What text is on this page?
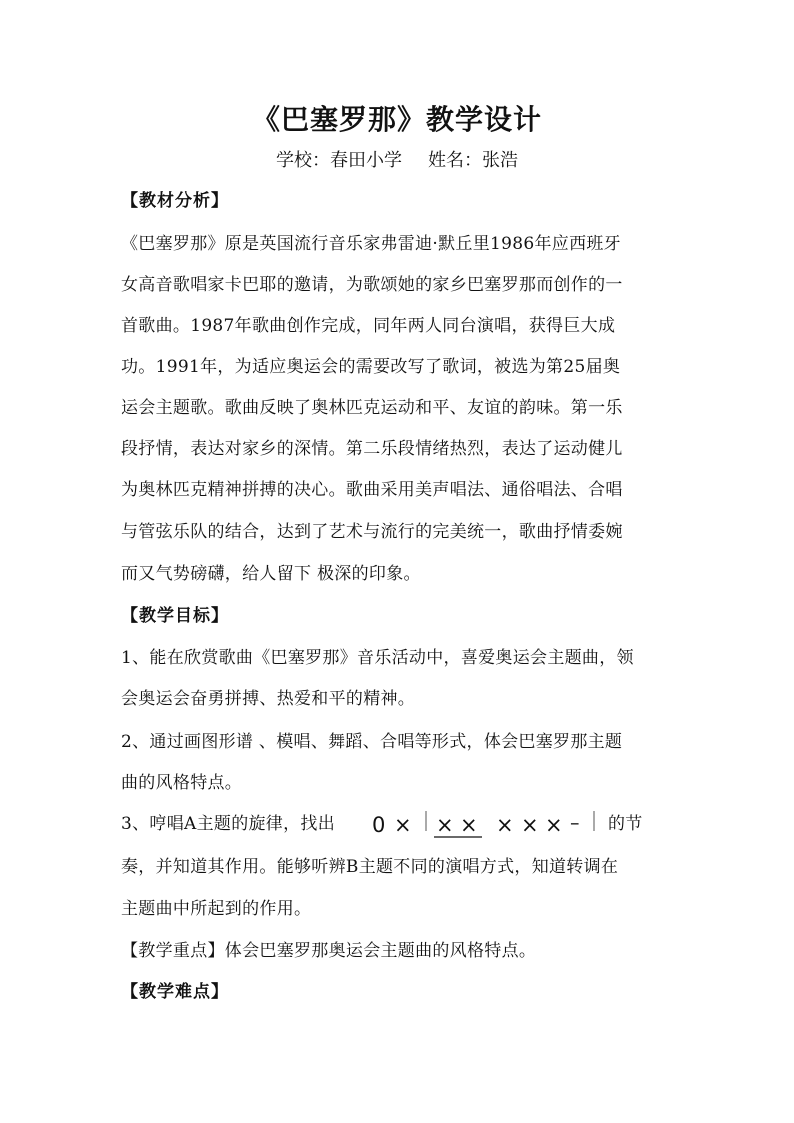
《巴塞罗那》教学设计
学校：春田小学 姓名：张浩
【教材分析】
《巴塞罗那》原是英国流行音乐家弗雷迪·默丘里1986年应西班牙
女高音歌唱家卡巴耶的邀请，为歌颂她的家乡巴塞罗那而创作的一
首歌曲。1987年歌曲创作完成，同年两人同台演唱，获得巨大成
功。1991年，为适应奥运会的需要改写了歌词，被选为第25届奥
运会主题歌。歌曲反映了奥林匹克运动和平、友谊的韵味。第一乐
段抒情，表达对家乡的深情。第二乐段情绪热烈，表达了运动健儿
为奥林匹克精神拼搏的决心。歌曲采用美声唱法、通俗唱法、合唱
与管弦乐队的结合，达到了艺术与流行的完美统一，歌曲抒情委婉
而又气势磅礴，给人留下 极深的印象。
【教学目标】
1、能在欣赏歌曲《巴塞罗那》音乐活动中，喜爱奥运会主题曲，领
会奥运会奋勇拼搏、热爱和平的精神。
2、通过画图形谱 、模唱、舞蹈、合唱等形式，体会巴塞罗那主题
曲的风格特点。
3、哼唱A主题的旋律，找出	0 × × × × × × – 的节
奏，并知道其作用。能够听辨B主题不同的演唱方式，知道转调在
主题曲中所起到的作用。
【教学重点】体会巴塞罗那奥运会主题曲的风格特点。
【教学难点】
